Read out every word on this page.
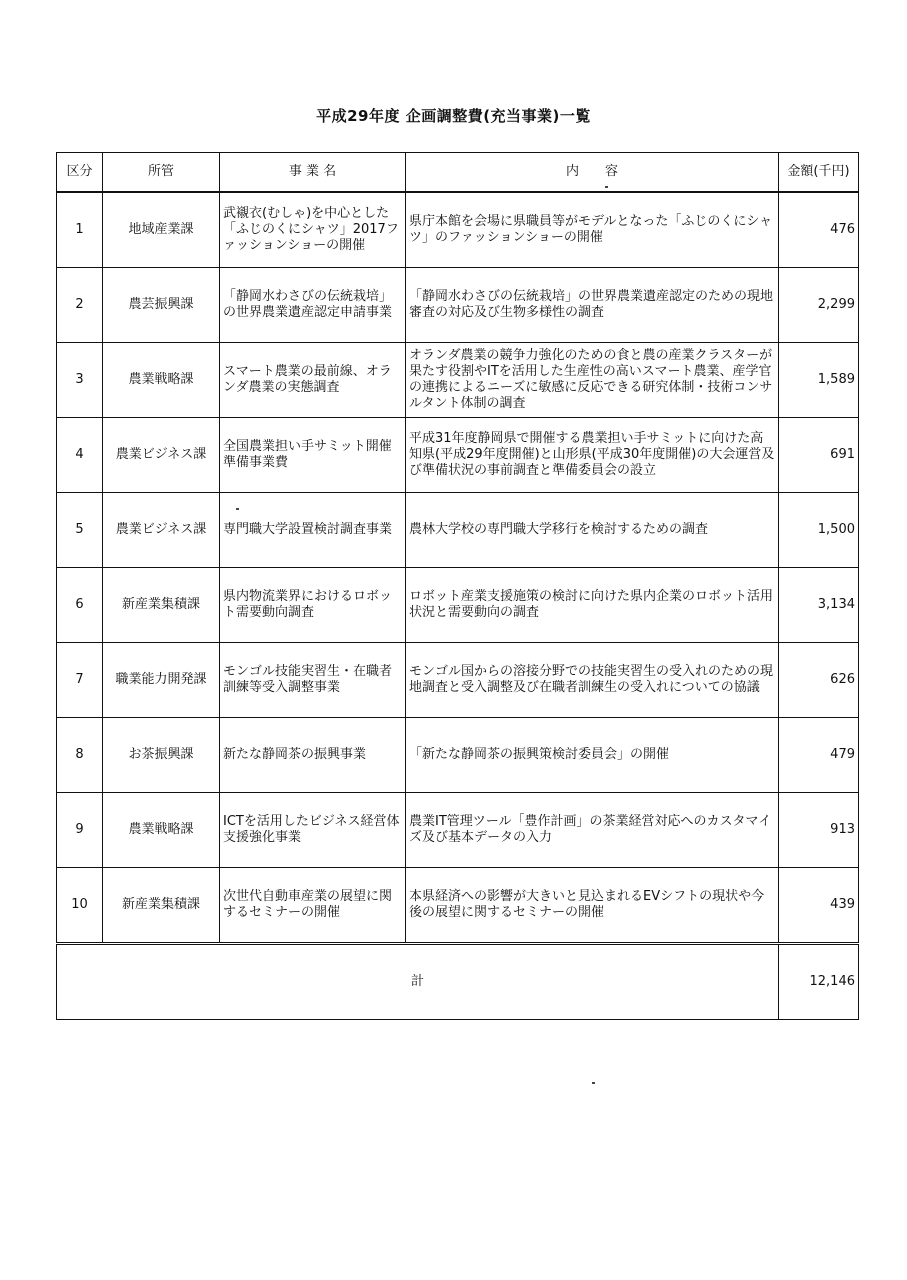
平成29年度 企画調整費(充当事業)一覧
区分	所管	事 業 名	内　　容	金額(千円)
1	地域産業課	武襯衣(むしゃ)を中心とした「ふじのくにシャツ」2017ファッションショーの開催	県庁本館を会場に県職員等がモデルとなった「ふじのくにシャツ」のファッションショーの開催	476
2	農芸振興課	「静岡水わさびの伝統栽培」の世界農業遺産認定申請事業	「静岡水わさびの伝統栽培」の世界農業遺産認定のための現地審査の対応及び生物多様性の調査	2,299
3	農業戦略課	スマート農業の最前線、オランダ農業の実態調査	オランダ農業の競争力強化のための食と農の産業クラスターが果たす役割やITを活用した生産性の高いスマート農業、産学官の連携によるニーズに敏感に反応できる研究体制・技術コンサルタント体制の調査	1,589
4	農業ビジネス課	全国農業担い手サミット開催準備事業費	平成31年度静岡県で開催する農業担い手サミットに向けた高知県(平成29年度開催)と山形県(平成30年度開催)の大会運営及び準備状況の事前調査と準備委員会の設立	691
5	農業ビジネス課	専門職大学設置検討調査事業	農林大学校の専門職大学移行を検討するための調査	1,500
6	新産業集積課	県内物流業界におけるロボット需要動向調査	ロボット産業支援施策の検討に向けた県内企業のロボット活用状況と需要動向の調査	3,134
7	職業能力開発課	モンゴル技能実習生・在職者訓練等受入調整事業	モンゴル国からの溶接分野での技能実習生の受入れのための現地調査と受入調整及び在職者訓練生の受入れについての協議	626
8	お茶振興課	新たな静岡茶の振興事業	「新たな静岡茶の振興策検討委員会」の開催	479
9	農業戦略課	ICTを活用したビジネス経営体支援強化事業	農業IT管理ツール「豊作計画」の茶業経営対応へのカスタマイズ及び基本データの入力	913
10	新産業集積課	次世代自動車産業の展望に関するセミナーの開催	本県経済への影響が大きいと見込まれるEVシフトの現状や今後の展望に関するセミナーの開催	439
計				12,146
